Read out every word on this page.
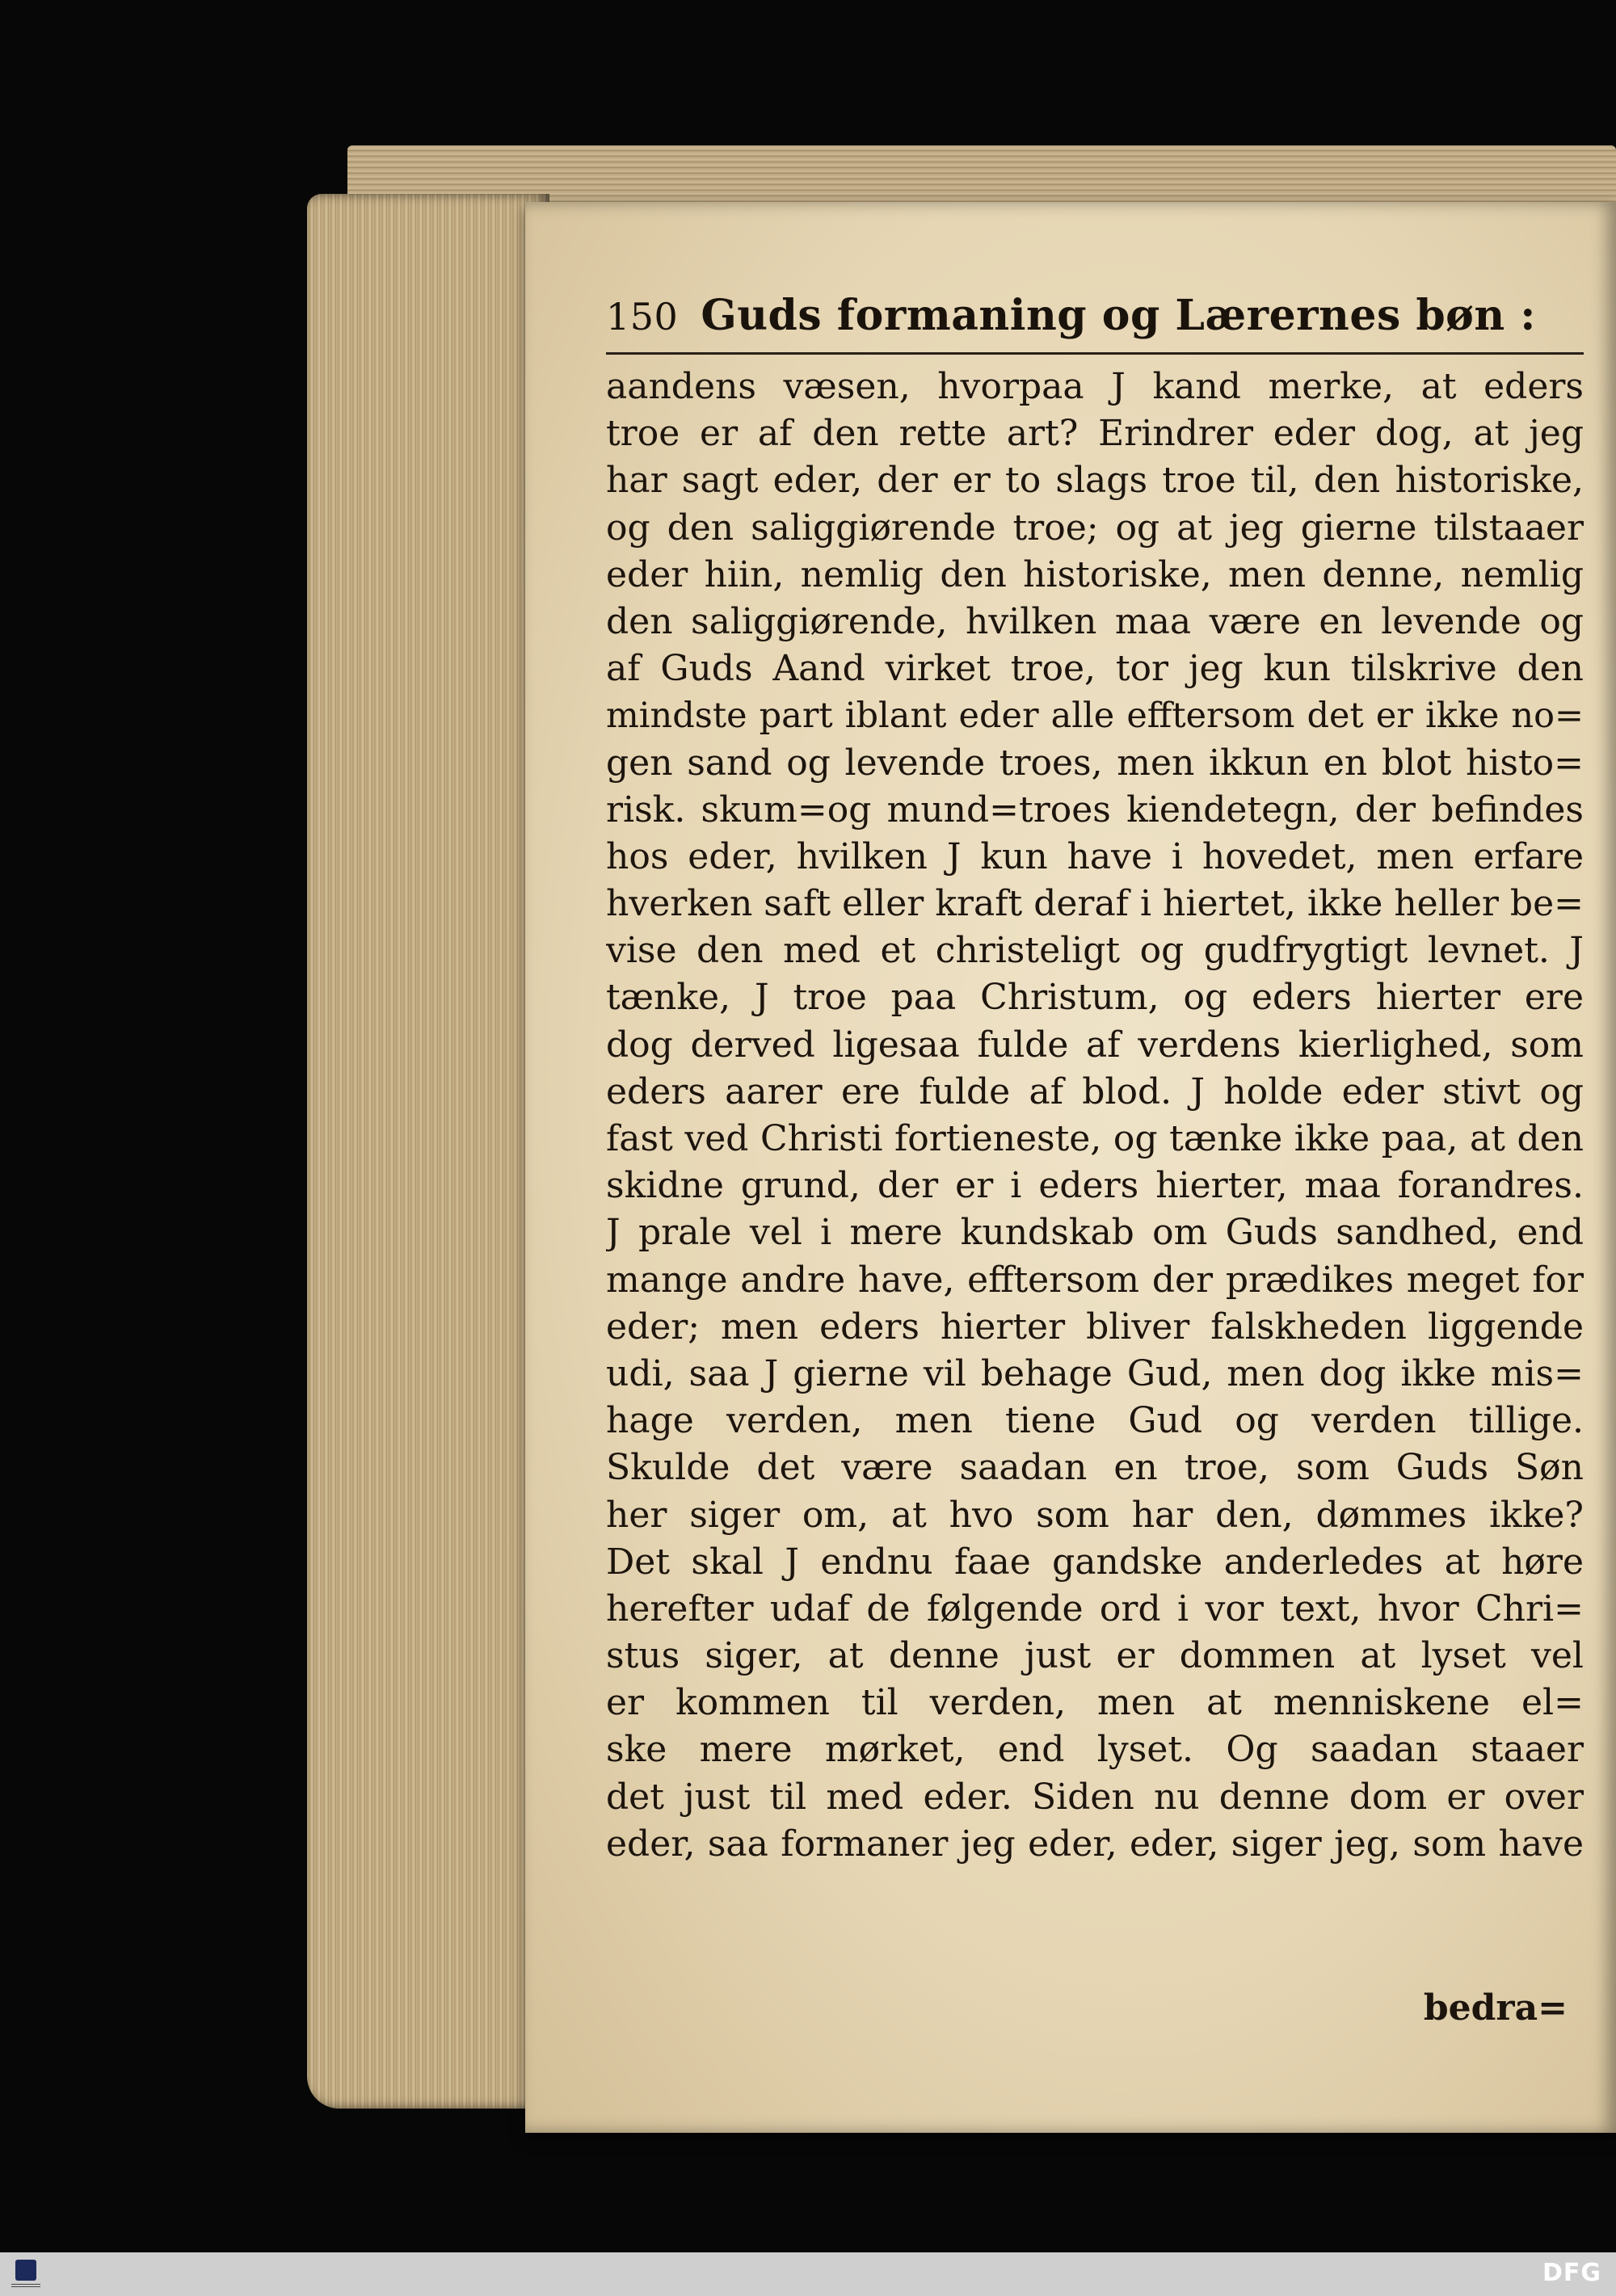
150 Guds formaning og Lærernes bøn :
aandens væsen, hvorpaa J kand merke, at eders
troe er af den rette art? Erindrer eder dog, at jeg
har sagt eder, der er to slags troe til, den historiske,
og den saliggiørende troe; og at jeg gierne tilstaaer
eder hiin, nemlig den historiske, men denne, nemlig
den saliggiørende, hvilken maa være en levende og
af Guds Aand virket troe, tor jeg kun tilskrive den
mindste part iblant eder alle efftersom det er ikke no=
gen sand og levende troes, men ikkun en blot histo=
risk. skum=og mund=troes kiendetegn, der befindes
hos eder, hvilken J kun have i hovedet, men erfare
hverken saft eller kraft deraf i hiertet, ikke heller be=
vise den med et christeligt og gudfrygtigt levnet. J
tænke, J troe paa Christum, og eders hierter ere
dog derved ligesaa fulde af verdens kierlighed, som
eders aarer ere fulde af blod. J holde eder stivt og
fast ved Christi fortieneste, og tænke ikke paa, at den
skidne grund, der er i eders hierter, maa forandres.
J prale vel i mere kundskab om Guds sandhed, end
mange andre have, efftersom der prædikes meget for
eder; men eders hierter bliver falskheden liggende
udi, saa J gierne vil behage Gud, men dog ikke mis=
hage verden, men tiene Gud og verden tillige.
Skulde det være saadan en troe, som Guds Søn
her siger om, at hvo som har den, dømmes ikke?
Det skal J endnu faae gandske anderledes at høre
herefter udaf de følgende ord i vor text, hvor Chri=
stus siger, at denne just er dommen at lyset vel
er kommen til verden, men at menniskene el=
ske mere mørket, end lyset. Og saadan staaer
det just til med eder. Siden nu denne dom er over
eder, saa formaner jeg eder, eder, siger jeg, som have
bedra=
DFG
